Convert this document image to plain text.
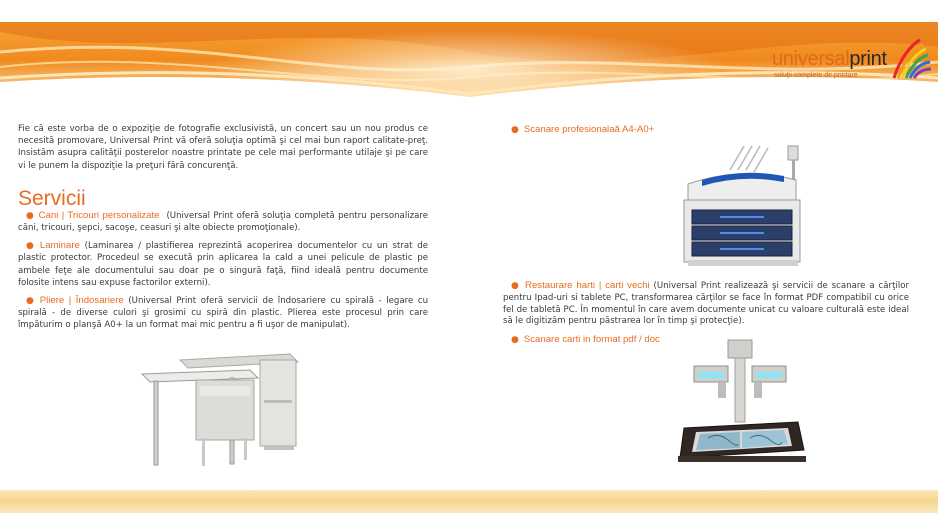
universalprint
soluţii complete de printare

Fie că este vorba de o expoziţie de fotografie exclusivistă, un concert sau un nou produs ce necesită promovare, Universal Print vă oferă soluţia optimă şi cel mai bun raport calitate-preţ. Insistăm asupra calităţii posterelor noastre printate pe cele mai performante utilaje şi pe care vi le punem la dispoziţie la preţuri fără concurenţă.

Servicii

● Cani | Tricouri personalizate (Universal Print oferă soluţia completă pentru personalizare căni, tricouri, şepci, sacoşe, ceasuri şi alte obiecte promoţionale).

● Laminare (Laminarea / plastifierea reprezintă acoperirea documentelor cu un strat de plastic protector. Procedeul se execută prin aplicarea la cald a unei pelicule de plastic pe ambele feţe ale documentului sau doar pe o singură faţă, fiind ideală pentru documente folosite intens sau expuse factorilor externi).

● Pliere | Îndosariere (Universal Print oferă servicii de îndosariere cu spirală - legare cu spirală - de diverse culori şi grosimi cu spiră din plastic. Plierea este procesul prin care împăturim o planşă A0+ la un format mai mic pentru a fi uşor de manipulat).

● Scanare profesionalaă A4-A0+

● Restaurare harti | carti vechi (Universal Print realizează şi servicii de scanare a cărţilor pentru Ipad-uri si tablete PC, transformarea cărţilor se face în format PDF compatibil cu orice fel de tabletă PC. În momentul în care avem documente unicat cu valoare culturală este ideal să le digitizăm pentru păstrarea lor în timp şi protecţie).

● Scanare carti in format pdf / doc
